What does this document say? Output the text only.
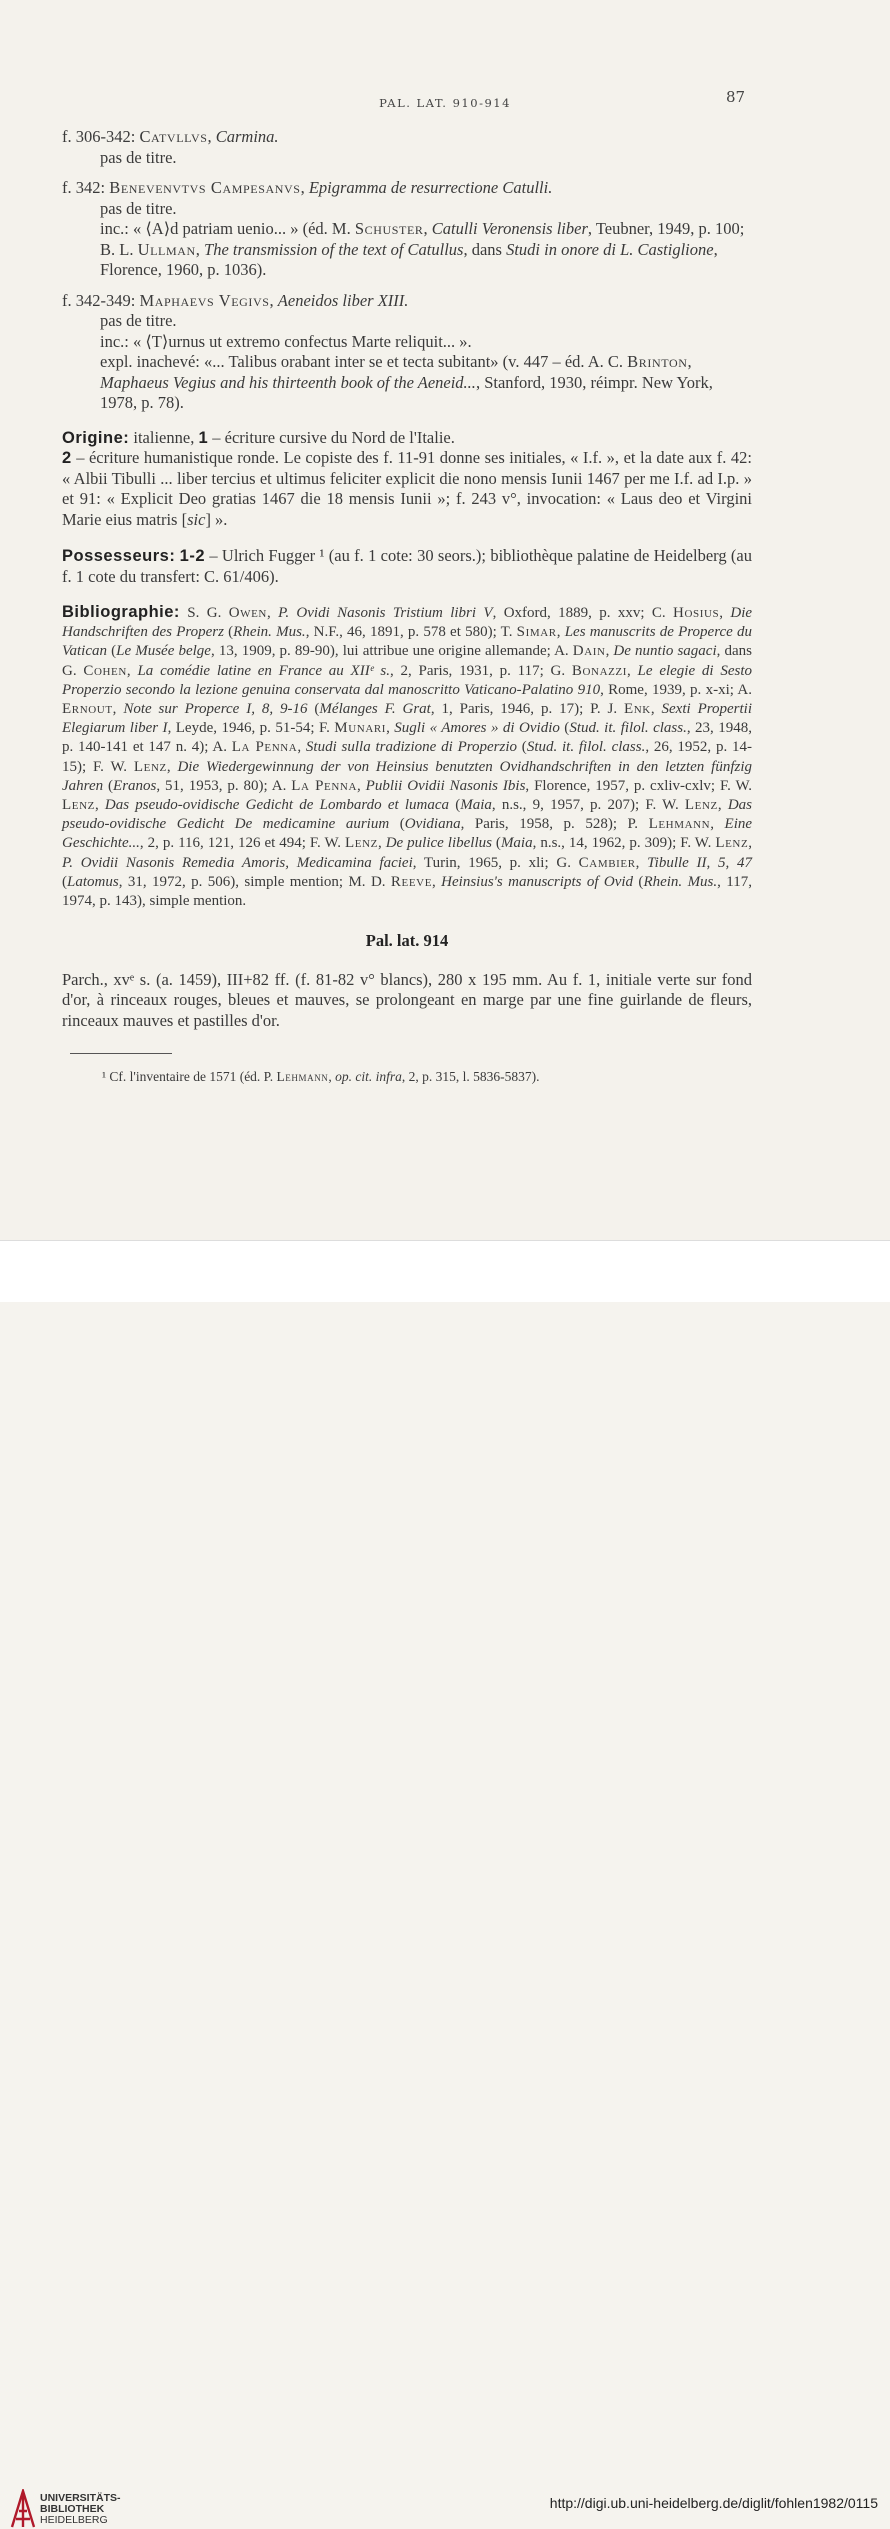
PAL. LAT. 910-914	87

f. 306-342: Catvllvs, Carmina.

pas de titre.

f. 342: Benevenvtvs Campesanvs, Epigramma de resurrectione Catulli.

pas de titre.

inc.: « ⟨A⟩d patriam uenio... » (éd. M. Schuster, Catulli Veronensis liber, Teubner, 1949, p. 100; B. L. Ullman, The transmission of the text of Catullus, dans Studi in onore di L. Castiglione, Florence, 1960, p. 1036).

f. 342-349: Maphaevs Vegivs, Aeneidos liber XIII.

pas de titre.

inc.: « ⟨T⟩urnus ut extremo confectus Marte reliquit... ».

expl. inachevé: «... Talibus orabant inter se et tecta subitant» (v. 447 – éd. A. C. Brinton, Maphaeus Vegius and his thirteenth book of the Aeneid..., Stanford, 1930, réimpr. New York, 1978, p. 78).

Origine: italienne, 1 – écriture cursive du Nord de l'Italie.
2 – écriture humanistique ronde. Le copiste des f. 11-91 donne ses initiales, « I.f. », et la date aux f. 42: « Albii Tibulli ... liber tercius et ultimus feliciter explicit die nono mensis Iunii 1467 per me I.f. ad I.p. » et 91: « Explicit Deo gratias 1467 die 18 mensis Iunii »; f. 243 v°, invocation: « Laus deo et Virgini Marie eius matris [sic] ».

Possesseurs: 1-2 – Ulrich Fugger ¹ (au f. 1 cote: 30 seors.); bibliothèque palatine de Heidelberg (au f. 1 cote du transfert: C. 61/406).

Bibliographie: S. G. Owen, P. Ovidi Nasonis Tristium libri V, Oxford, 1889, p. xxv; C. Hosius, Die Handschriften des Properz (Rhein. Mus., N.F., 46, 1891, p. 578 et 580); T. Simar, Les manuscrits de Properce du Vatican (Le Musée belge, 13, 1909, p. 89-90), lui attribue une origine allemande; A. Dain, De nuntio sagaci, dans G. Cohen, La comédie latine en France au XIIᵉ s., 2, Paris, 1931, p. 117; G. Bonazzi, Le elegie di Sesto Properzio secondo la lezione genuina conservata dal manoscritto Vaticano-Palatino 910, Rome, 1939, p. x-xi; A. Ernout, Note sur Properce I, 8, 9-16 (Mélanges F. Grat, 1, Paris, 1946, p. 17); P. J. Enk, Sexti Propertii Elegiarum liber I, Leyde, 1946, p. 51-54; F. Munari, Sugli « Amores » di Ovidio (Stud. it. filol. class., 23, 1948, p. 140-141 et 147 n. 4); A. La Penna, Studi sulla tradizione di Properzio (Stud. it. filol. class., 26, 1952, p. 14-15); F. W. Lenz, Die Wiedergewinnung der von Heinsius benutzten Ovidhandschriften in den letzten fünfzig Jahren (Eranos, 51, 1953, p. 80); A. La Penna, Publii Ovidii Nasonis Ibis, Florence, 1957, p. cxliv-cxlv; F. W. Lenz, Das pseudo-ovidische Gedicht de Lombardo et lumaca (Maia, n.s., 9, 1957, p. 207); F. W. Lenz, Das pseudo-ovidische Gedicht De medicamine aurium (Ovidiana, Paris, 1958, p. 528); P. Lehmann, Eine Geschichte..., 2, p. 116, 121, 126 et 494; F. W. Lenz, De pulice libellus (Maia, n.s., 14, 1962, p. 309); F. W. Lenz, P. Ovidii Nasonis Remedia Amoris, Medicamina faciei, Turin, 1965, p. xli; G. Cambier, Tibulle II, 5, 47 (Latomus, 31, 1972, p. 506), simple mention; M. D. Reeve, Heinsius's manuscripts of Ovid (Rhein. Mus., 117, 1974, p. 143), simple mention.

Pal. lat. 914

Parch., xvᵉ s. (a. 1459), III+82 ff. (f. 81-82 v° blancs), 280 x 195 mm. Au f. 1, initiale verte sur fond d'or, à rinceaux rouges, bleues et mauves, se prolongeant en marge par une fine guirlande de fleurs, rinceaux mauves et pastilles d'or.

¹ Cf. l'inventaire de 1571 (éd. P. Lehmann, op. cit. infra, 2, p. 315, l. 5836-5837).

UNIVERSITÄTS-
BIBLIOTHEK
HEIDELBERG
http://digi.ub.uni-heidelberg.de/diglit/fohlen1982/0115
